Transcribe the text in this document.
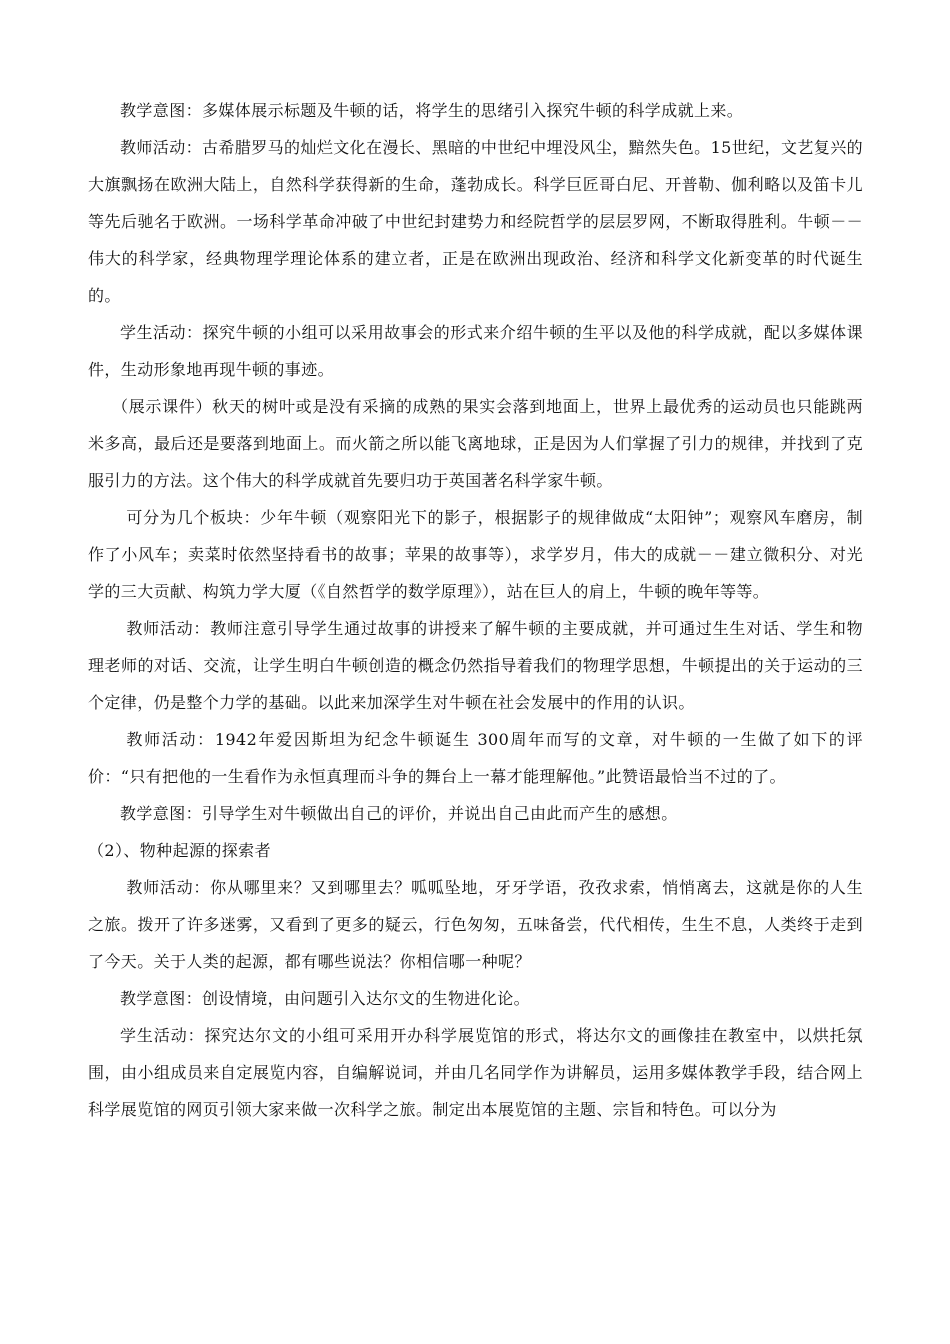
教学意图：多媒体展示标题及牛顿的话，将学生的思绪引入探究牛顿的科学成就上来。

教师活动：古希腊罗马的灿烂文化在漫长、黑暗的中世纪中埋没风尘，黯然失色。15世纪，文艺复兴的大旗飘扬在欧洲大陆上，自然科学获得新的生命，蓬勃成长。科学巨匠哥白尼、开普勒、伽利略以及笛卡儿等先后驰名于欧洲。一场科学革命冲破了中世纪封建势力和经院哲学的层层罗网，不断取得胜利。牛顿－－伟大的科学家，经典物理学理论体系的建立者，正是在欧洲出现政治、经济和科学文化新变革的时代诞生的。

学生活动：探究牛顿的小组可以采用故事会的形式来介绍牛顿的生平以及他的科学成就，配以多媒体课件，生动形象地再现牛顿的事迹。

（展示课件）秋天的树叶或是没有采摘的成熟的果实会落到地面上，世界上最优秀的运动员也只能跳两米多高，最后还是要落到地面上。而火箭之所以能飞离地球，正是因为人们掌握了引力的规律，并找到了克服引力的方法。这个伟大的科学成就首先要归功于英国著名科学家牛顿。

可分为几个板块：少年牛顿（观察阳光下的影子，根据影子的规律做成“太阳钟”；观察风车磨房，制作了小风车；卖菜时依然坚持看书的故事；苹果的故事等），求学岁月，伟大的成就－－建立微积分、对光学的三大贡献、构筑力学大厦（《自然哲学的数学原理》），站在巨人的肩上，牛顿的晚年等等。

教师活动：教师注意引导学生通过故事的讲授来了解牛顿的主要成就，并可通过生生对话、学生和物理老师的对话、交流，让学生明白牛顿创造的概念仍然指导着我们的物理学思想，牛顿提出的关于运动的三个定律，仍是整个力学的基础。以此来加深学生对牛顿在社会发展中的作用的认识。

教师活动：1942年爱因斯坦为纪念牛顿诞生 300周年而写的文章，对牛顿的一生做了如下的评价：“只有把他的一生看作为永恒真理而斗争的舞台上一幕才能理解他。”此赞语最恰当不过的了。

教学意图：引导学生对牛顿做出自己的评价，并说出自己由此而产生的感想。

（2）、物种起源的探索者

教师活动：你从哪里来？又到哪里去？呱呱坠地，牙牙学语，孜孜求索，悄悄离去，这就是你的人生之旅。拨开了许多迷雾，又看到了更多的疑云，行色匆匆，五味备尝，代代相传，生生不息，人类终于走到了今天。关于人类的起源，都有哪些说法？你相信哪一种呢？

教学意图：创设情境，由问题引入达尔文的生物进化论。

学生活动：探究达尔文的小组可采用开办科学展览馆的形式，将达尔文的画像挂在教室中，以烘托氛围，由小组成员来自定展览内容，自编解说词，并由几名同学作为讲解员，运用多媒体教学手段，结合网上科学展览馆的网页引领大家来做一次科学之旅。制定出本展览馆的主题、宗旨和特色。可以分为
